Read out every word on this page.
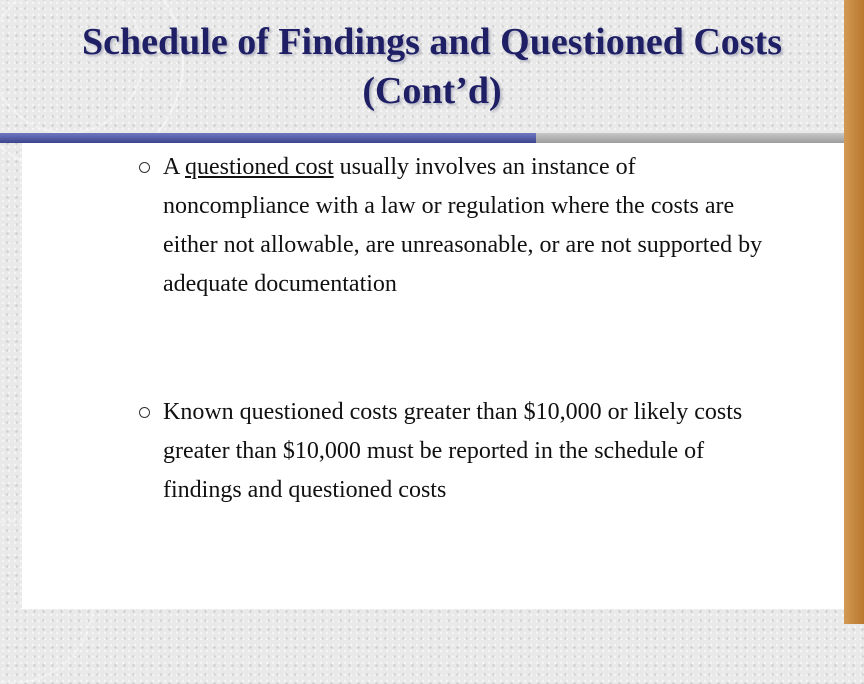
Schedule of Findings and Questioned Costs
(Cont’d)
A questioned cost usually involves an instance of noncompliance with a law or regulation where the costs are either not allowable, are unreasonable, or are not supported by adequate documentation
Known questioned costs greater than $10,000 or likely costs greater than $10,000 must be reported in the schedule of findings and questioned costs
